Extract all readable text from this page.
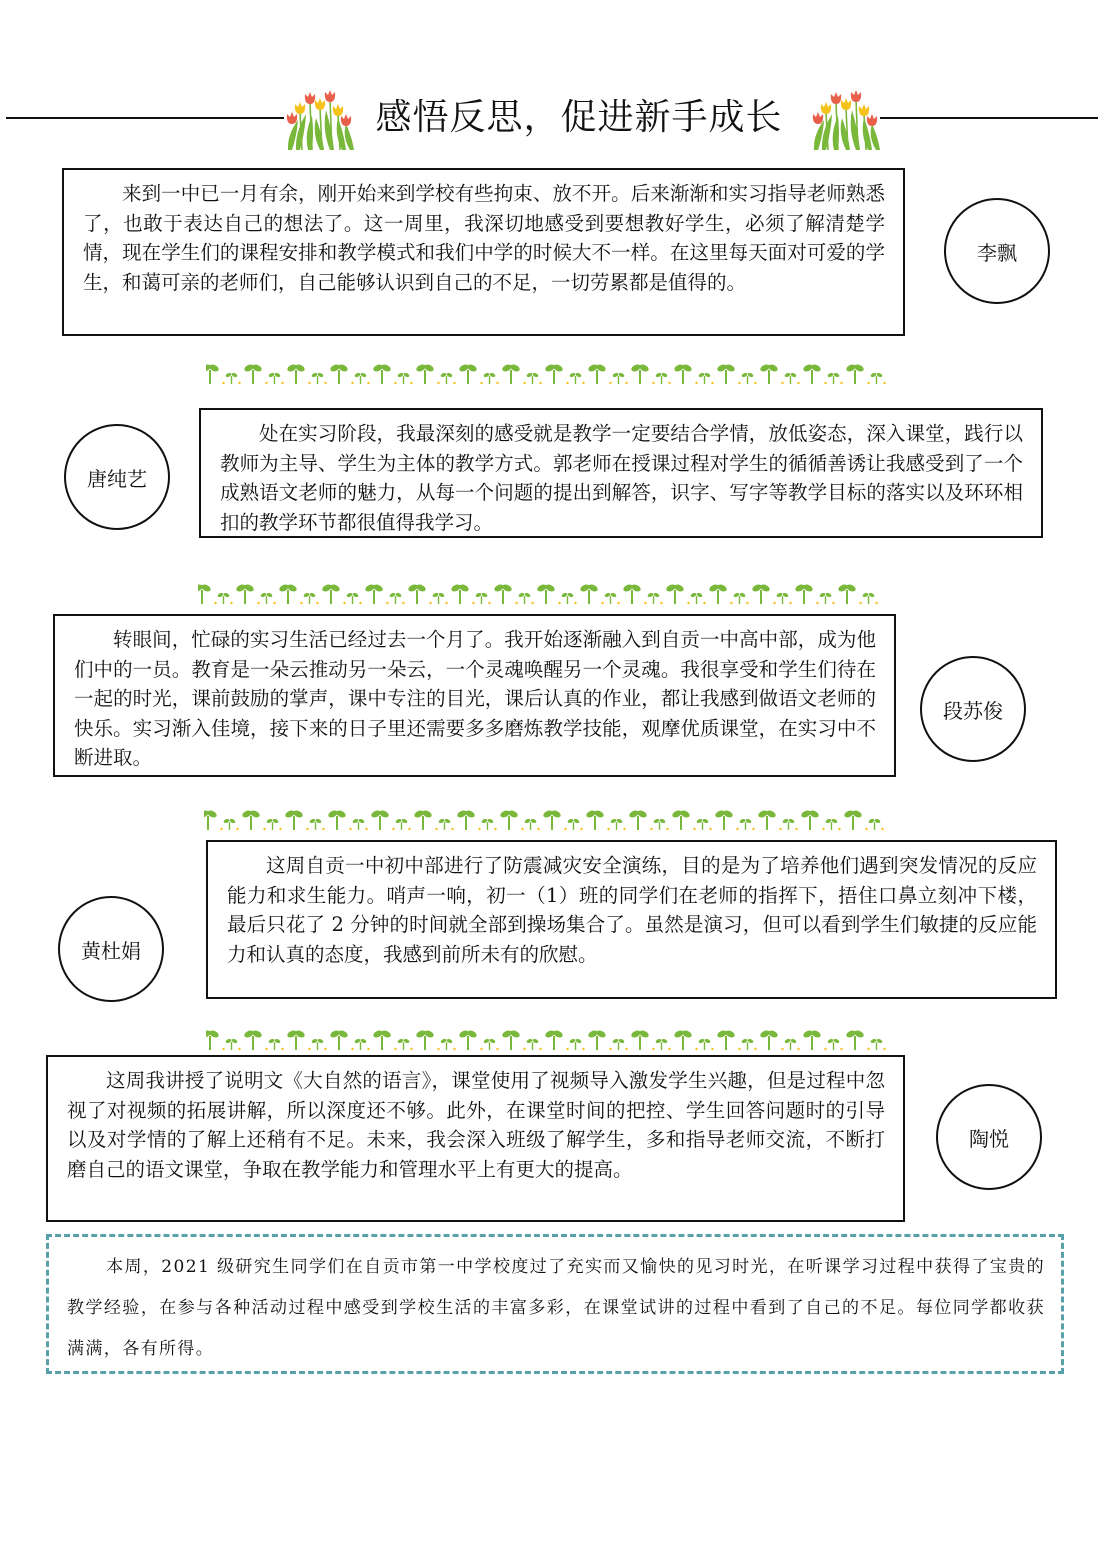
感悟反思，促进新手成长

来到一中已一月有余，刚开始来到学校有些拘束、放不开。后来渐渐和实习指导老师熟悉了，也敢于表达自己的想法了。这一周里，我深切地感受到要想教好学生，必须了解清楚学情，现在学生们的课程安排和教学模式和我们中学的时候大不一样。在这里每天面对可爱的学生，和蔼可亲的老师们，自己能够认识到自己的不足，一切劳累都是值得的。

李飘
唐纯艺

处在实习阶段，我最深刻的感受就是教学一定要结合学情，放低姿态，深入课堂，践行以教师为主导、学生为主体的教学方式。郭老师在授课过程对学生的循循善诱让我感受到了一个成熟语文老师的魅力，从每一个问题的提出到解答，识字、写字等教学目标的落实以及环环相扣的教学环节都很值得我学习。

转眼间，忙碌的实习生活已经过去一个月了。我开始逐渐融入到自贡一中高中部，成为他们中的一员。教育是一朵云推动另一朵云，一个灵魂唤醒另一个灵魂。我很享受和学生们待在一起的时光，课前鼓励的掌声，课中专注的目光，课后认真的作业，都让我感到做语文老师的快乐。实习渐入佳境，接下来的日子里还需要多多磨炼教学技能，观摩优质课堂，在实习中不断进取。

段苏俊
黄杜娟

这周自贡一中初中部进行了防震减灾安全演练，目的是为了培养他们遇到突发情况的反应能力和求生能力。哨声一响，初一（1）班的同学们在老师的指挥下，捂住口鼻立刻冲下楼，最后只花了 2 分钟的时间就全部到操场集合了。虽然是演习，但可以看到学生们敏捷的反应能力和认真的态度，我感到前所未有的欣慰。

这周我讲授了说明文《大自然的语言》，课堂使用了视频导入激发学生兴趣，但是过程中忽视了对视频的拓展讲解，所以深度还不够。此外，在课堂时间的把控、学生回答问题时的引导以及对学情的了解上还稍有不足。未来，我会深入班级了解学生，多和指导老师交流，不断打磨自己的语文课堂，争取在教学能力和管理水平上有更大的提高。

陶悦

本周，2021 级研究生同学们在自贡市第一中学校度过了充实而又愉快的见习时光，在听课学习过程中获得了宝贵的教学经验，在参与各种活动过程中感受到学校生活的丰富多彩，在课堂试讲的过程中看到了自己的不足。每位同学都收获满满，各有所得。
